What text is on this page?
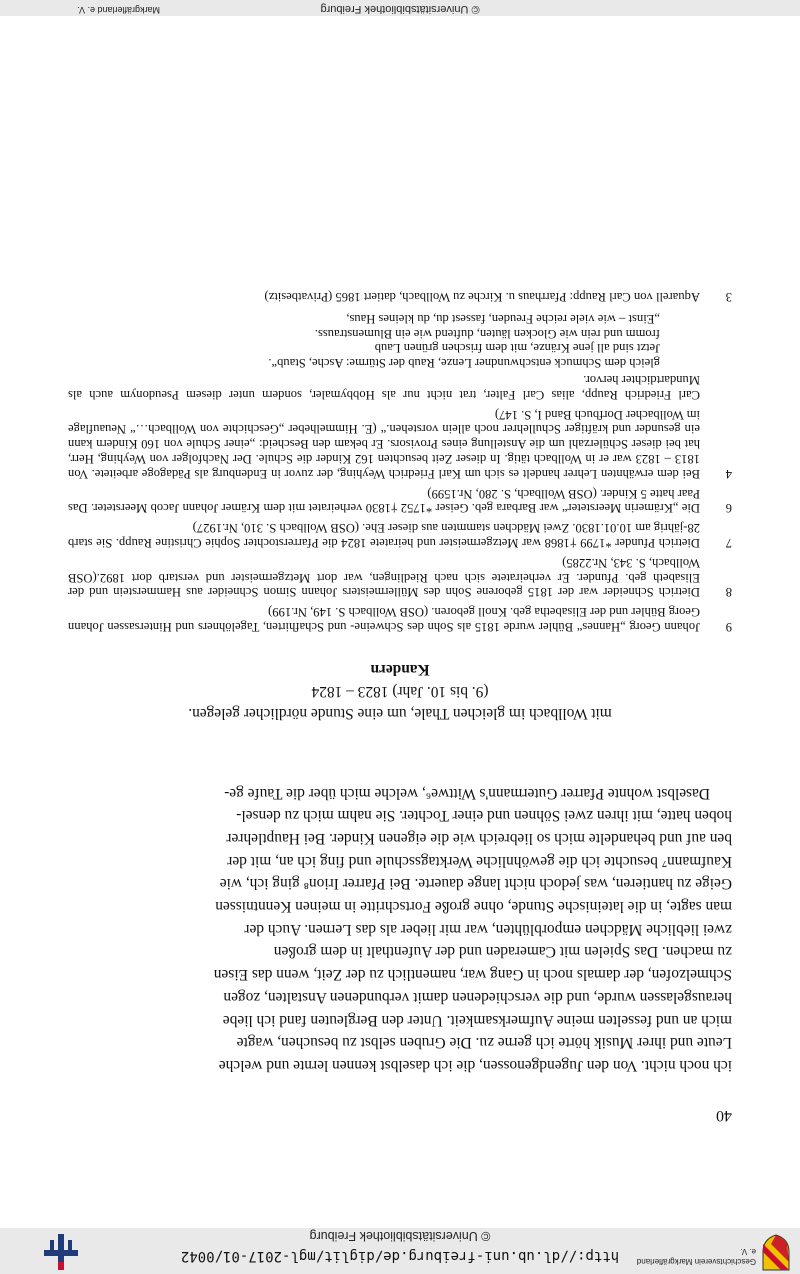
Geschichtsverein Markgräflerland e. V.
http://dl.ub.uni-freiburg.de/diglit/mgl-2017-01/0042
© Universitätsbibliothek Freiburg
40

ich noch nicht. Von den Jugendgenossen, die ich daselbst kennen lernte und welche

Leute und ihrer Musik hörte ich gerne zu. Die Gruben selbst zu besuchen, wagte

mich an und fesselten meine Aufmerksamkeit. Unter den Bergleuten fand ich liebe

herausgelassen wurde, und die verschiedenen damit verbundenen Anstalten, zogen

Schmelzofen, der damals noch in Gang war, namentlich zu der Zeit, wenn das Eisen

zu machen. Das Spielen mit Cameraden und der Aufenthalt in dem großen

zwei liebliche Mädchen emporblühten, war mir lieber als das Lernen. Auch der

man sagte, in die lateinische Stunde, ohne große Fortschritte in meinen Kenntnissen

Geige zu hantieren, was jedoch nicht lange dauerte. Bei Pfarrer Irion⁸ ging ich, wie

Kaufmann⁷ besuchte ich die gewöhnliche Werktagsschule und fing ich an, mit der

ben auf und behandelte mich so liebreich wie die eigenen Kinder. Bei Hauptlehrer

hoben hatte, mit ihren zwei Söhnen und einer Tochter. Sie nahm mich zu densel-

Daselbst wohnte Pfarrer Gutermann's Wittwe⁶, welche mich über die Taufe ge-

mit Wollbach im gleichen Thale, um eine Stunde nördlicher gelegen.
(9. bis 10. Jahr) 1823 – 1824
Kandern
9
Johann Georg „Hannes“ Bühler wurde 1815 als Sohn des Schweine- und Schafhirten, Tagelöhners und Hintersassen Johann Georg Bühler und der Elisabetha geb. Knoll geboren. (OSB Wollbach S. 149, Nr.199)
8
Dietrich Schneider war der 1815 geborene Sohn des Müllermeisters Johann Simon Schneider aus Hammerstein und der Elisabeth geb. Pfunder. Er verheiratete sich nach Riedlingen, war dort Metzgermeister und verstarb dort 1892.(OSB Wollbach, S. 343, Nr.2285)
7
Dietrich Pfunder *1799 †1868 war Metzgermeister und heiratete 1824 die Pfarrerstochter Sophie Christine Raupp. Sie starb 28-jährig am 10.01.1830. Zwei Mädchen stammten aus dieser Ehe. (OSB Wollbach S. 310, Nr.1927)
6
Die „Krämerin Meersteter“ war Barbara geb. Geiser *1752 †1830 verheiratet mit dem Krämer Johann Jacob Meersteter. Das Paar hatte 5 Kinder. (OSB Wollbach, S. 280, Nr.1599)
4
Bei dem erwähnten Lehrer handelt es sich um Karl Friedrich Weyhing, der zuvor in Endenburg als Pädagoge arbeitete. Von 1813 – 1823 war er in Wollbach tätig. In dieser Zeit besuchten 162 Kinder die Schule. Der Nachfolger von Weyhing, Herr, hat bei dieser Schülerzahl um die Anstellung eines Provisors. Er bekam den Bescheid: „einer Schule von 160 Kindern kann ein gesunder und kräftiger Schullehrer noch allein vorstehen.“ (E. Himmelheber „Geschichte von Wollbach…“ Neuauflage im Wollbacher Dorfbuch Band I, S. 147)
Carl Friedrich Raupp, alias Carl Falter, trat nicht nur als Hobbymaler, sondern unter diesem Pseudonym auch als Mundartdichter hervor.
gleich dem Schmuck entschwundner Lenze, Raub der Stürme: Asche, Staub“.
Jetzt sind all jene Kränze, mit dem frischen grünen Laub
fromm und rein wie Glocken läuten, duftend wie ein Blumenstrauss.
„Einst – wie viele reiche Freuden, fassest du, du kleines Haus,
3
Aquarell von Carl Raupp: Pfarrhaus u. Kirche zu Wollbach, datiert 1865 (Privatbesitz)
© Universitätsbibliothek Freiburg
Markgräflerland e. V.
